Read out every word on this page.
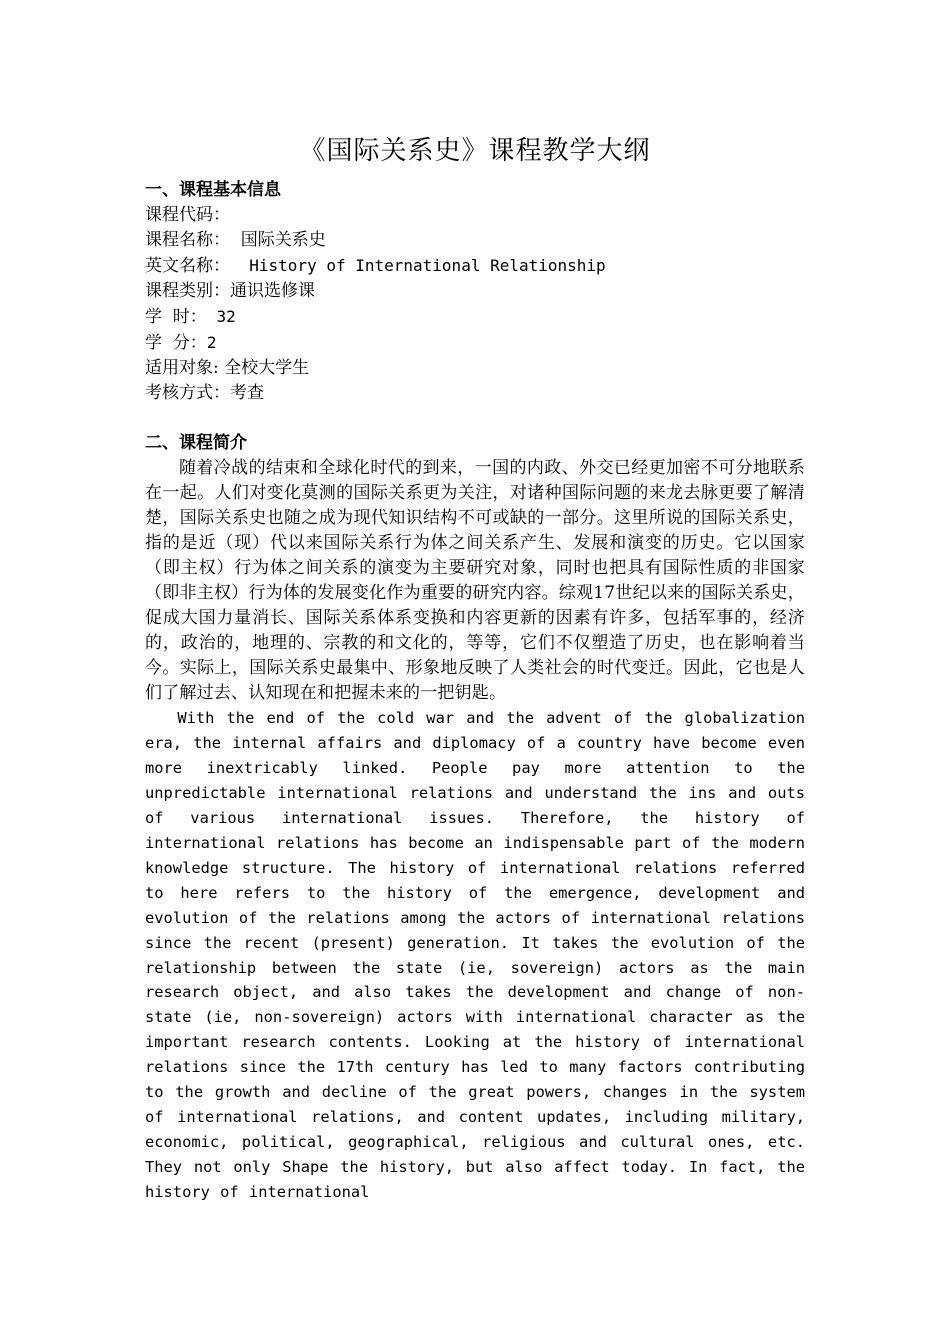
《国际关系史》课程教学大纲
一、课程基本信息
课程代码：
课程名称：  国际关系史
英文名称：  History of International Relationship
课程类别：通识选修课
学  时： 32
学  分：2
适用对象: 全校大学生
考核方式：考查
二、课程简介

随着冷战的结束和全球化时代的到来，一国的内政、外交已经更加密不可分地联系在一起。人们对变化莫测的国际关系更为关注，对诸种国际问题的来龙去脉更要了解清楚，国际关系史也随之成为现代知识结构不可或缺的一部分。这里所说的国际关系史，指的是近（现）代以来国际关系行为体之间关系产生、发展和演变的历史。它以国家（即主权）行为体之间关系的演变为主要研究对象，同时也把具有国际性质的非国家（即非主权）行为体的发展变化作为重要的研究内容。综观17世纪以来的国际关系史，促成大国力量消长、国际关系体系变换和内容更新的因素有许多，包括军事的，经济的，政治的，地理的、宗教的和文化的，等等，它们不仅塑造了历史，也在影响着当今。实际上，国际关系史最集中、形象地反映了人类社会的时代变迁。因此，它也是人们了解过去、认知现在和把握未来的一把钥匙。

With the end of the cold war and the advent of the globalization era, the internal affairs and diplomacy of a country have become even more inextricably linked. People pay more attention to the unpredictable international relations and understand the ins and outs of various international issues. Therefore, the history of international relations has become an indispensable part of the modern knowledge structure. The history of international relations referred to here refers to the history of the emergence, development and evolution of the relations among the actors of international relations since the recent (present) generation. It takes the evolution of the relationship between the state (ie, sovereign) actors as the main research object, and also takes the development and change of non-state (ie, non-sovereign) actors with international character as the important research contents. Looking at the history of international relations since the 17th century has led to many factors contributing to the growth and decline of the great powers, changes in the system of international relations, and content updates, including military, economic, political, geographical, religious and cultural ones, etc. They not only Shape the history, but also affect today. In fact, the history of international
